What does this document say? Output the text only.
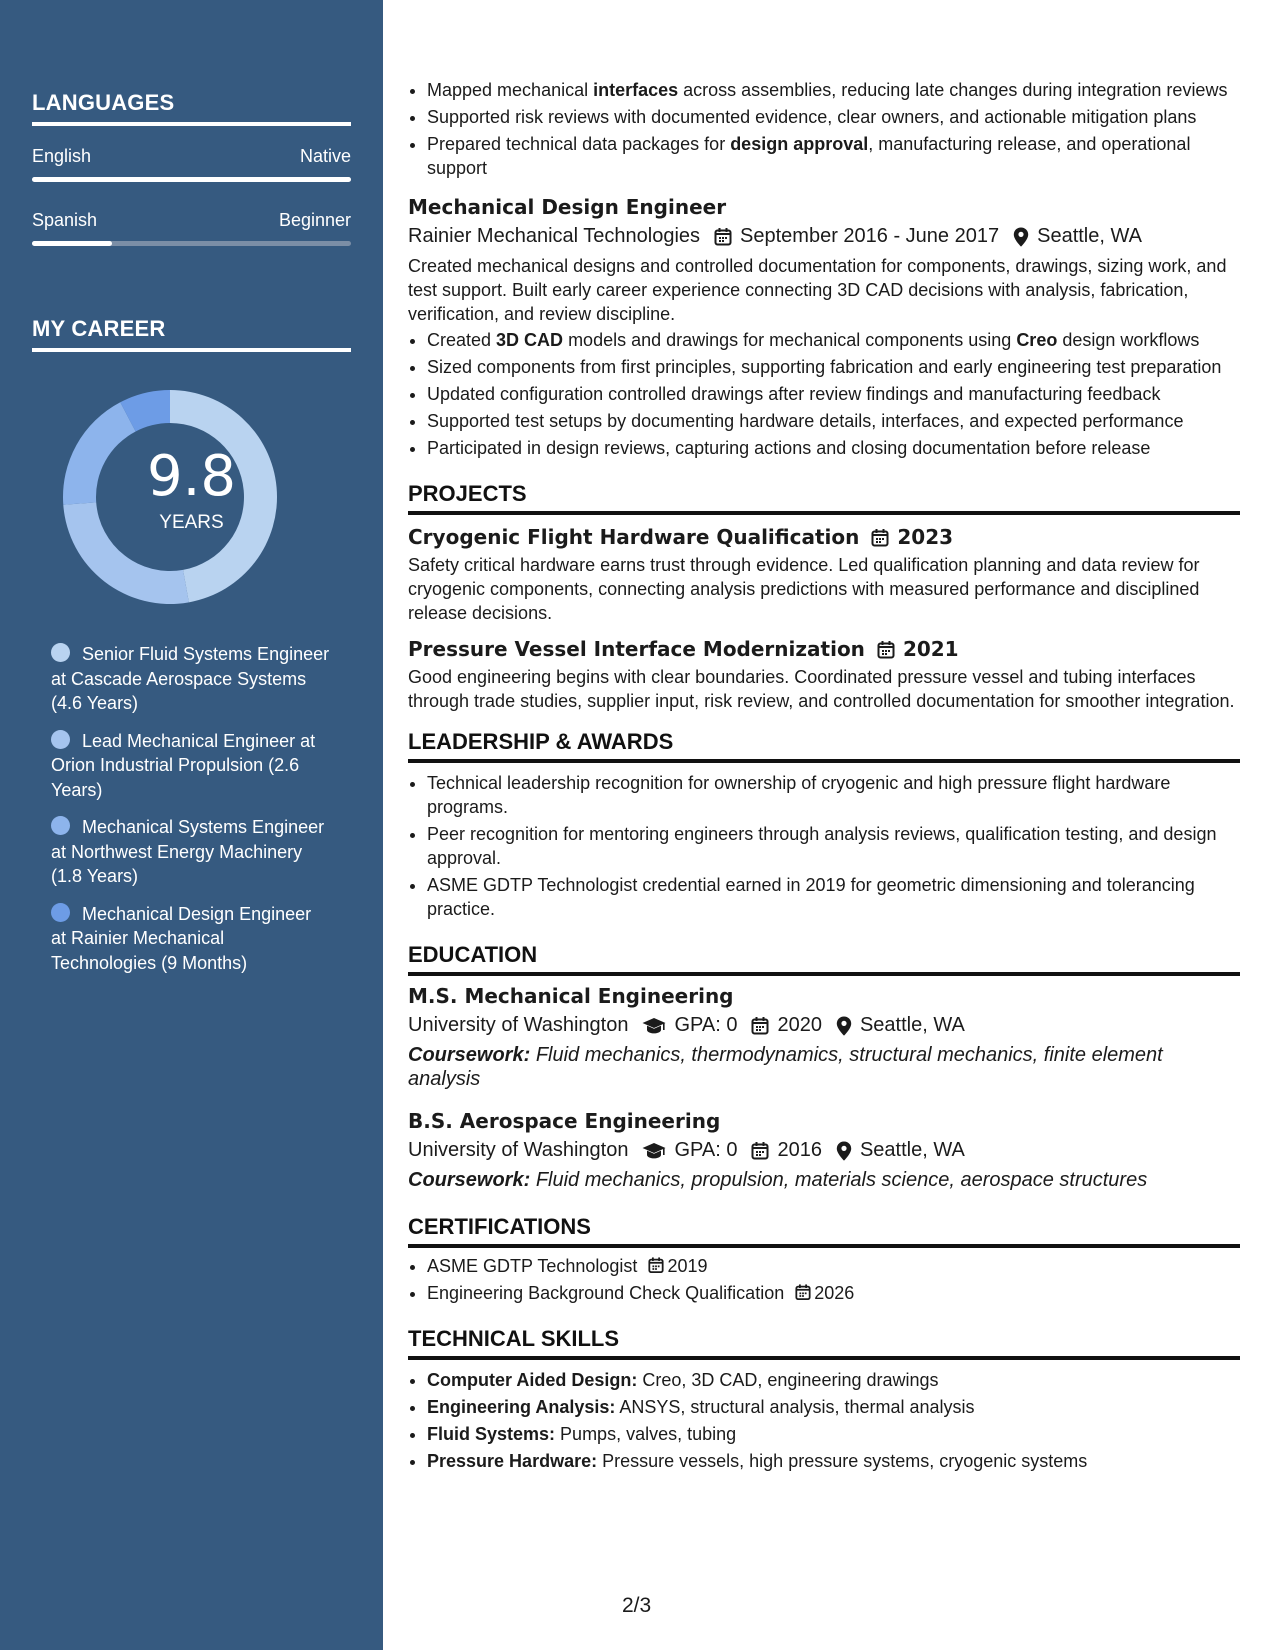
LANGUAGES
English	Native
Spanish	Beginner
MY CAREER
9.8
YEARS
Senior Fluid Systems Engineer at Cascade Aerospace Systems (4.6 Years)
Lead Mechanical Engineer at Orion Industrial Propulsion (2.6 Years)
Mechanical Systems Engineer at Northwest Energy Machinery (1.8 Years)
Mechanical Design Engineer at Rainier Mechanical Technologies (9 Months)
• Mapped mechanical interfaces across assemblies, reducing late changes during integration reviews
• Supported risk reviews with documented evidence, clear owners, and actionable mitigation plans
• Prepared technical data packages for design approval, manufacturing release, and operational support
Mechanical Design Engineer
Rainier Mechanical Technologies September 2016 - June 2017 Seattle, WA
Created mechanical designs and controlled documentation for components, drawings, sizing work, and test support. Built early career experience connecting 3D CAD decisions with analysis, fabrication, verification, and review discipline.
• Created 3D CAD models and drawings for mechanical components using Creo design workflows
• Sized components from first principles, supporting fabrication and early engineering test preparation
• Updated configuration controlled drawings after review findings and manufacturing feedback
• Supported test setups by documenting hardware details, interfaces, and expected performance
• Participated in design reviews, capturing actions and closing documentation before release
PROJECTS
Cryogenic Flight Hardware Qualification 2023
Safety critical hardware earns trust through evidence. Led qualification planning and data review for cryogenic components, connecting analysis predictions with measured performance and disciplined release decisions.
Pressure Vessel Interface Modernization 2021
Good engineering begins with clear boundaries. Coordinated pressure vessel and tubing interfaces through trade studies, supplier input, risk review, and controlled documentation for smoother integration.
LEADERSHIP & AWARDS
• Technical leadership recognition for ownership of cryogenic and high pressure flight hardware programs.
• Peer recognition for mentoring engineers through analysis reviews, qualification testing, and design approval.
• ASME GDTP Technologist credential earned in 2019 for geometric dimensioning and tolerancing practice.
EDUCATION
M.S. Mechanical Engineering
University of Washington GPA: 0 2020 Seattle, WA
Coursework: Fluid mechanics, thermodynamics, structural mechanics, finite element analysis
B.S. Aerospace Engineering
University of Washington GPA: 0 2016 Seattle, WA
Coursework: Fluid mechanics, propulsion, materials science, aerospace structures
CERTIFICATIONS
• ASME GDTP Technologist 2019
• Engineering Background Check Qualification 2026
TECHNICAL SKILLS
• Computer Aided Design: Creo, 3D CAD, engineering drawings
• Engineering Analysis: ANSYS, structural analysis, thermal analysis
• Fluid Systems: Pumps, valves, tubing
• Pressure Hardware: Pressure vessels, high pressure systems, cryogenic systems
2/3
